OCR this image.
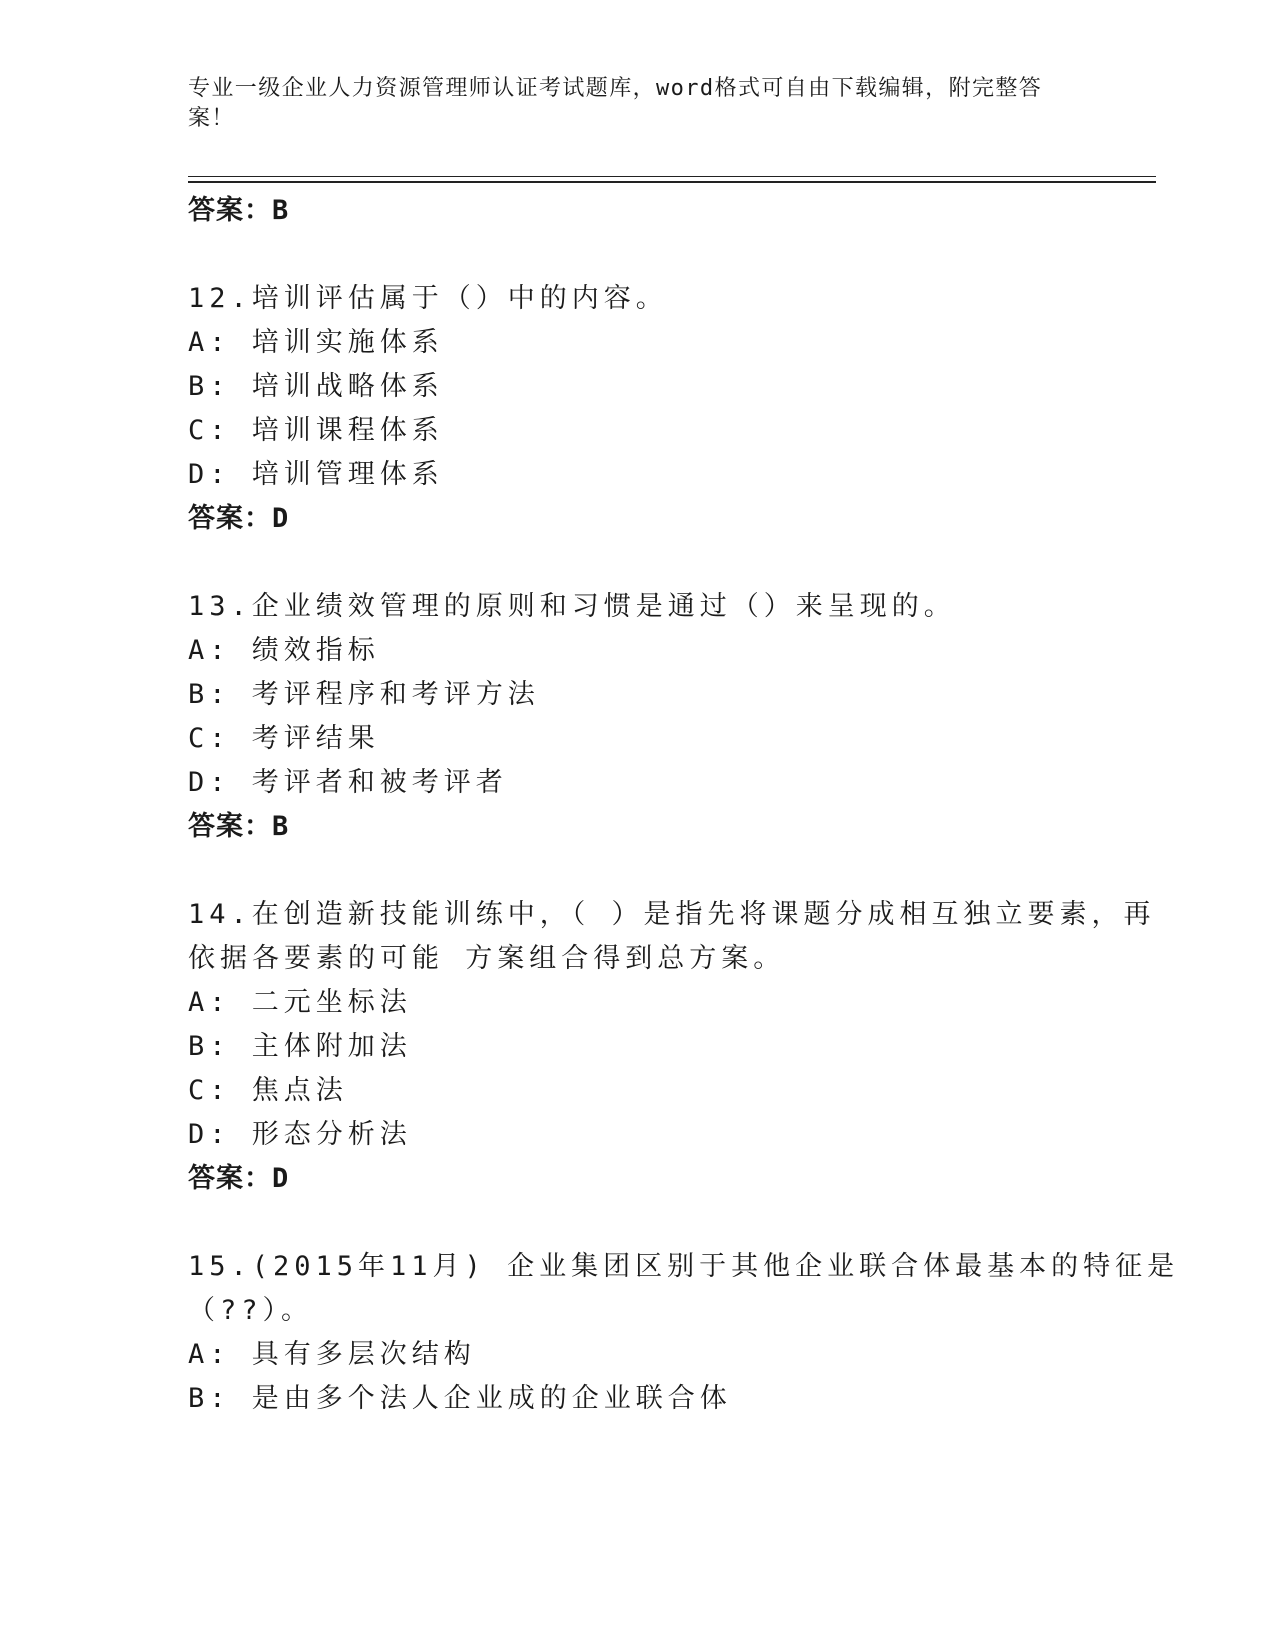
专业一级企业人力资源管理师认证考试题库，word格式可自由下载编辑，附完整答案！
答案：B
12.培训评估属于（）中的内容。
A: 培训实施体系
B: 培训战略体系
C: 培训课程体系
D: 培训管理体系
答案：D
13.企业绩效管理的原则和习惯是通过（）来呈现的。
A: 绩效指标
B: 考评程序和考评方法
C: 考评结果
D: 考评者和被考评者
答案：B
14.在创造新技能训练中，（ ）是指先将课题分成相互独立要素，再
依据各要素的可能 方案组合得到总方案。
A: 二元坐标法
B: 主体附加法
C: 焦点法
D: 形态分析法
答案：D
15.(2015年11月) 企业集团区别于其他企业联合体最基本的特征是
（??）。
A: 具有多层次结构
B: 是由多个法人企业成的企业联合体
